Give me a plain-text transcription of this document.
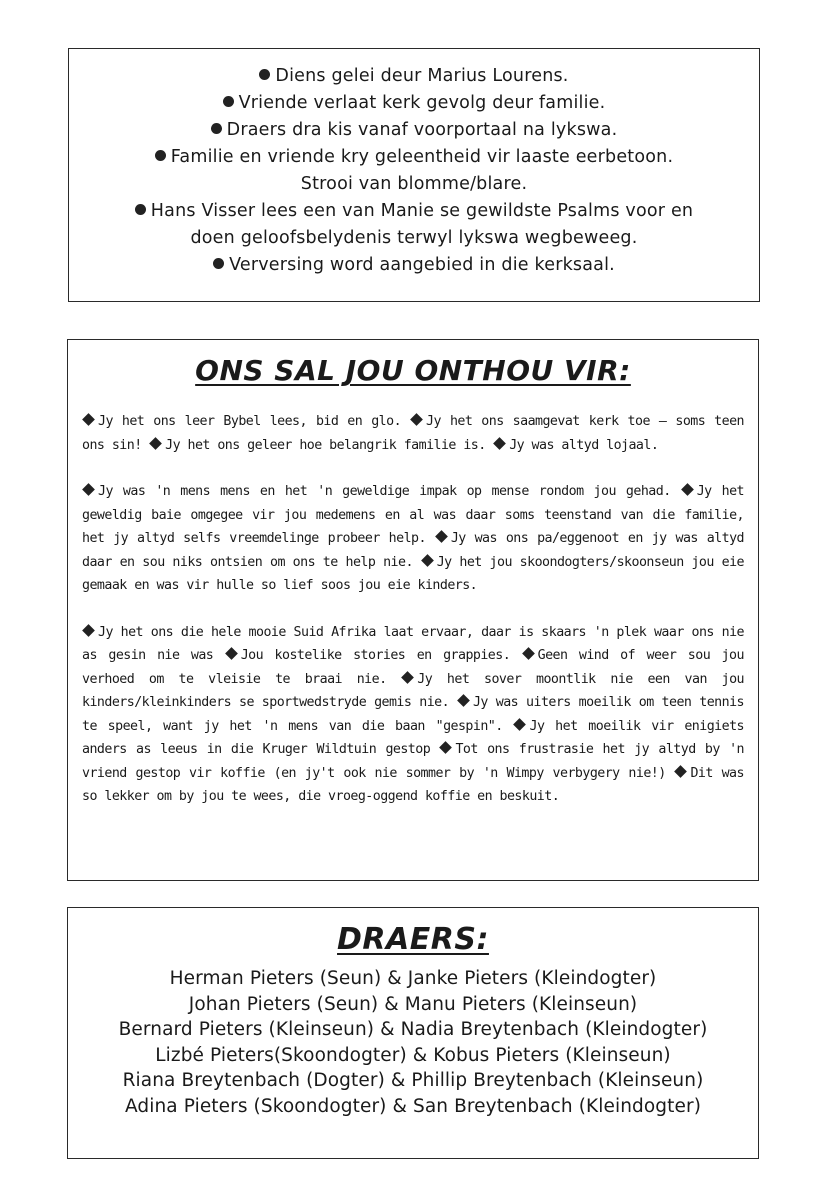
Diens gelei deur Marius Lourens.
Vriende verlaat kerk gevolg deur familie.
Draers dra kis vanaf voorportaal na lykswa.
Familie en vriende kry geleentheid vir laaste eerbetoon.
Strooi van blomme/blare.
Hans Visser lees een van Manie se gewildste Psalms voor en
doen geloofsbelydenis terwyl lykswa wegbeweeg.
Verversing word aangebied in die kerksaal.
ONS SAL JOU ONTHOU VIR:

Jy het ons leer Bybel lees, bid en glo. Jy het ons saamgevat kerk toe – soms teen ons sin! Jy het ons geleer hoe belangrik familie is. Jy was altyd lojaal.

Jy was 'n mens mens en het 'n geweldige impak op mense rondom jou gehad. Jy het geweldig baie omgegee vir jou medemens en al was daar soms teenstand van die familie, het jy altyd selfs vreemdelinge probeer help. Jy was ons pa/eggenoot en jy was altyd daar en sou niks ontsien om ons te help nie. Jy het jou skoondogters/skoonseun jou eie gemaak en was vir hulle so lief soos jou eie kinders.

Jy het ons die hele mooie Suid Afrika laat ervaar, daar is skaars 'n plek waar ons nie as gesin nie was Jou kostelike stories en grappies. Geen wind of weer sou jou verhoed om te vleisie te braai nie. Jy het sover moontlik nie een van jou kinders/kleinkinders se sportwedstryde gemis nie. Jy was uiters moeilik om teen tennis te speel, want jy het 'n mens van die baan "gespin". Jy het moeilik vir enigiets anders as leeus in die Kruger Wildtuin gestop Tot ons frustrasie het jy altyd by 'n vriend gestop vir koffie (en jy't ook nie sommer by 'n Wimpy verbygery nie!) Dit was so lekker om by jou te wees, die vroeg-oggend koffie en beskuit.

DRAERS:
Herman Pieters (Seun) & Janke Pieters (Kleindogter)
Johan Pieters (Seun) & Manu Pieters (Kleinseun)
Bernard Pieters (Kleinseun) & Nadia Breytenbach (Kleindogter)
Lizbé Pieters(Skoondogter) & Kobus Pieters (Kleinseun)
Riana Breytenbach (Dogter) & Phillip Breytenbach (Kleinseun)
Adina Pieters (Skoondogter) & San Breytenbach (Kleindogter)
